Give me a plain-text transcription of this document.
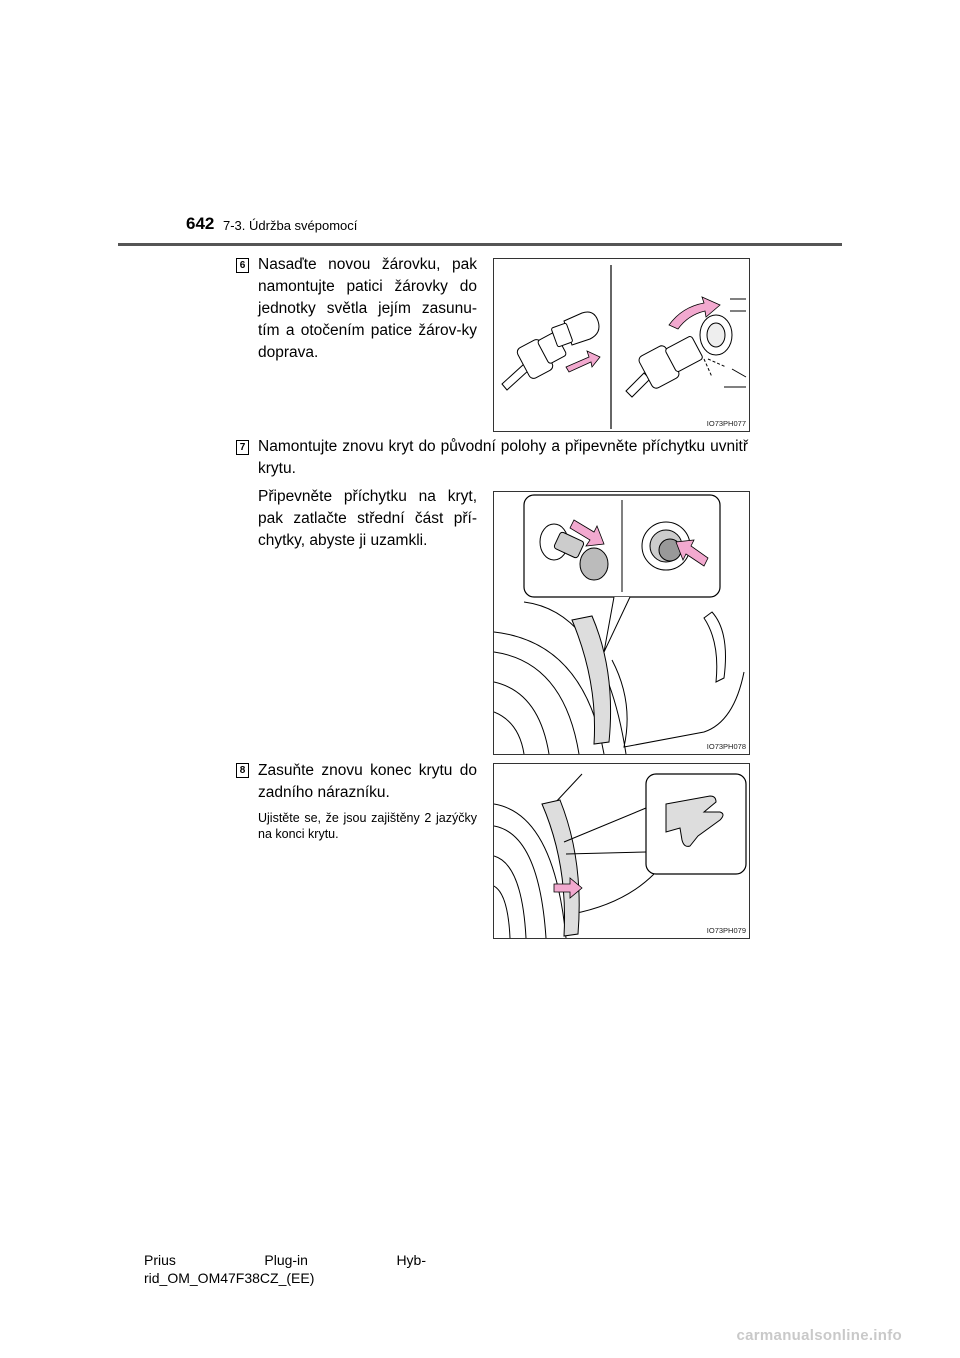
642 7-3. Údržba svépomocí
6 Nasaďte novou žárovku, pak namontujte patici žárovky do jednotky světla jejím zasunu-tím a otočením patice žárov-ky doprava.
IO73PH077
7 Namontujte znovu kryt do původní polohy a připevněte příchytku uvnitř krytu.
Připevněte příchytku na kryt, pak zatlačte střední část pří-chytky, abyste ji uzamkli.
IO73PH078
8 Zasuňte znovu konec krytu do zadního nárazníku.
Ujistěte se, že jsou zajištěny 2 jazýčky na konci krytu.
IO73PH079
Prius	Plug-in	Hyb-
rid_OM_OM47F38CZ_(EE)
carmanualsonline.info
